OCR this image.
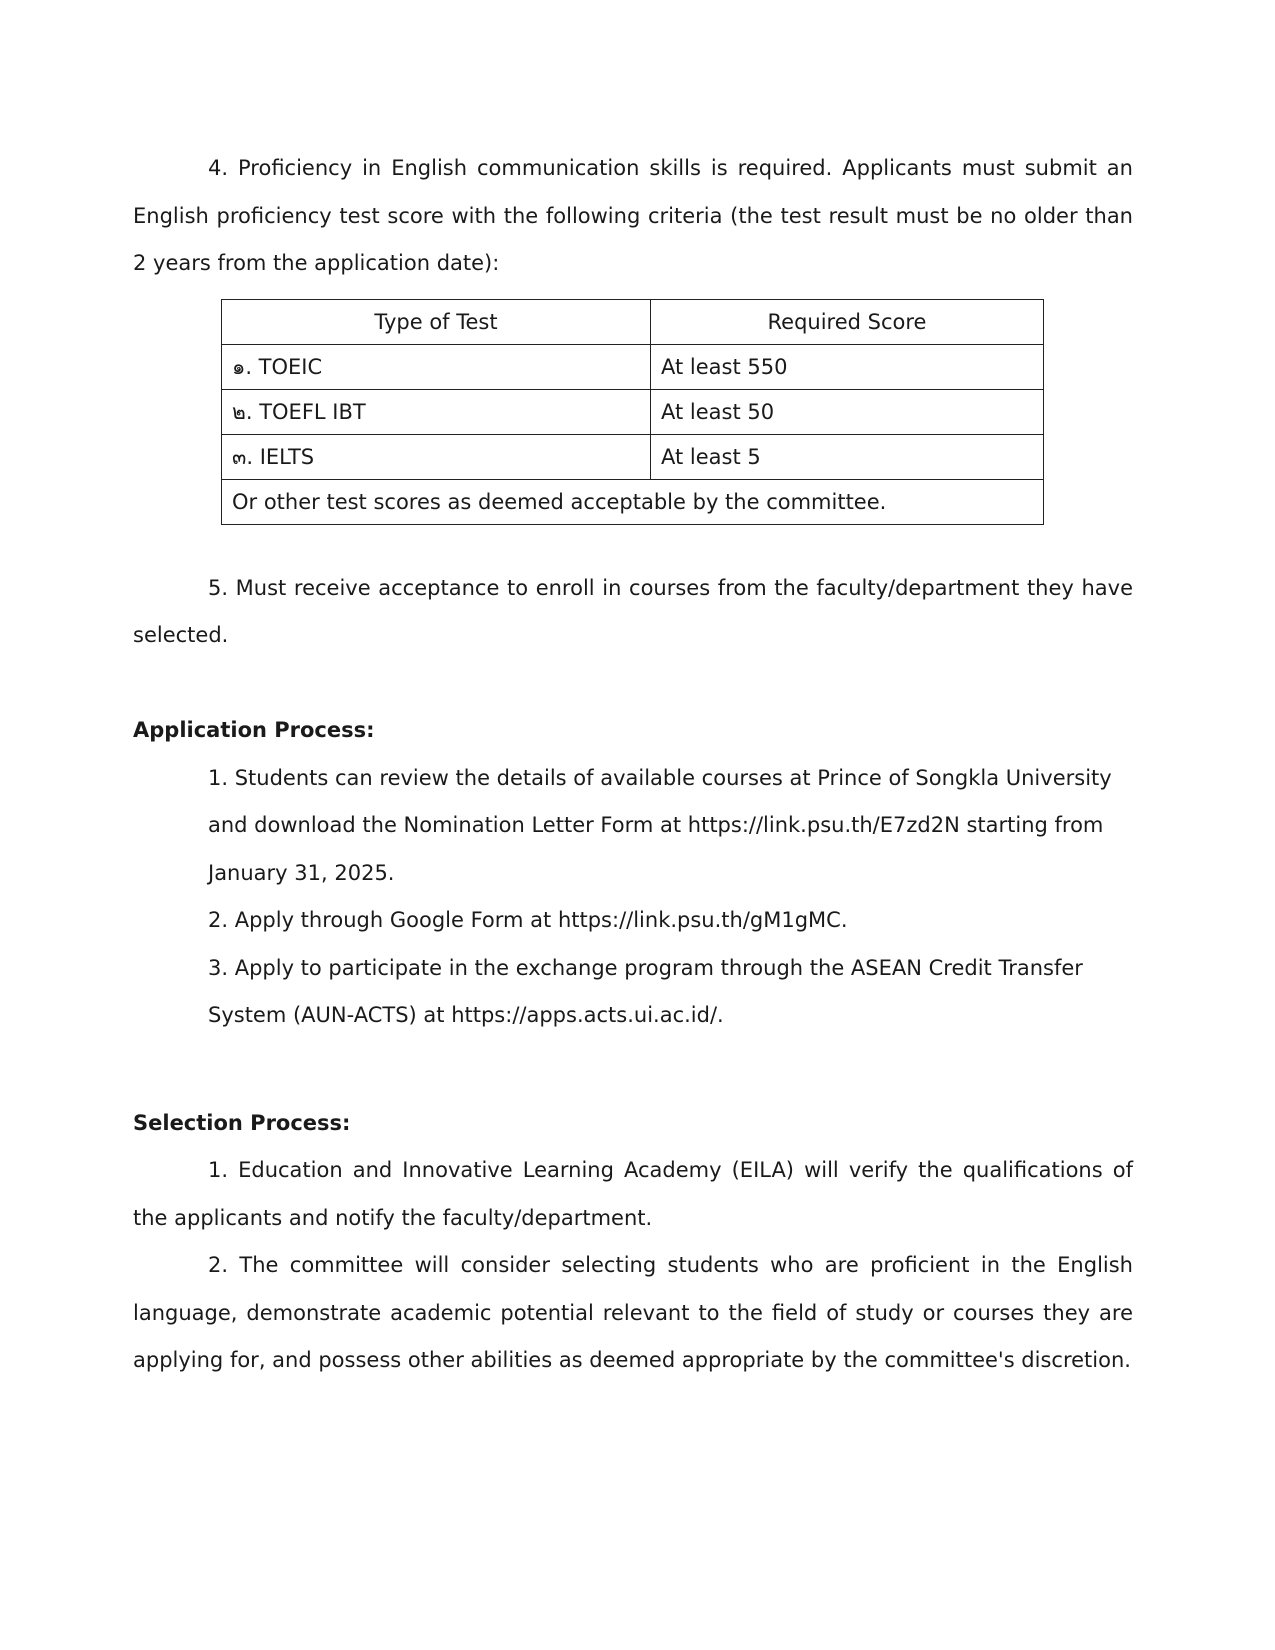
4. Proficiency in English communication skills is required. Applicants must submit an English proficiency test score with the following criteria (the test result must be no older than 2 years from the application date):

Type of Test	Required Score
๑. TOEIC	At least 550
๒. TOEFL IBT	At least 50
๓. IELTS	At least 5
Or other test scores as deemed acceptable by the committee.	

5. Must receive acceptance to enroll in courses from the faculty/department they have selected.

Application Process:

1. Students can review the details of available courses at Prince of Songkla University and download the Nomination Letter Form at https://link.psu.th/E7zd2N starting from January 31, 2025.

2. Apply through Google Form at https://link.psu.th/gM1gMC.

3. Apply to participate in the exchange program through the ASEAN Credit Transfer System (AUN-ACTS) at https://apps.acts.ui.ac.id/.

Selection Process:

1. Education and Innovative Learning Academy (EILA) will verify the qualifications of the applicants and notify the faculty/department.

2. The committee will consider selecting students who are proficient in the English language, demonstrate academic potential relevant to the field of study or courses they are applying for, and possess other abilities as deemed appropriate by the committee's discretion.
